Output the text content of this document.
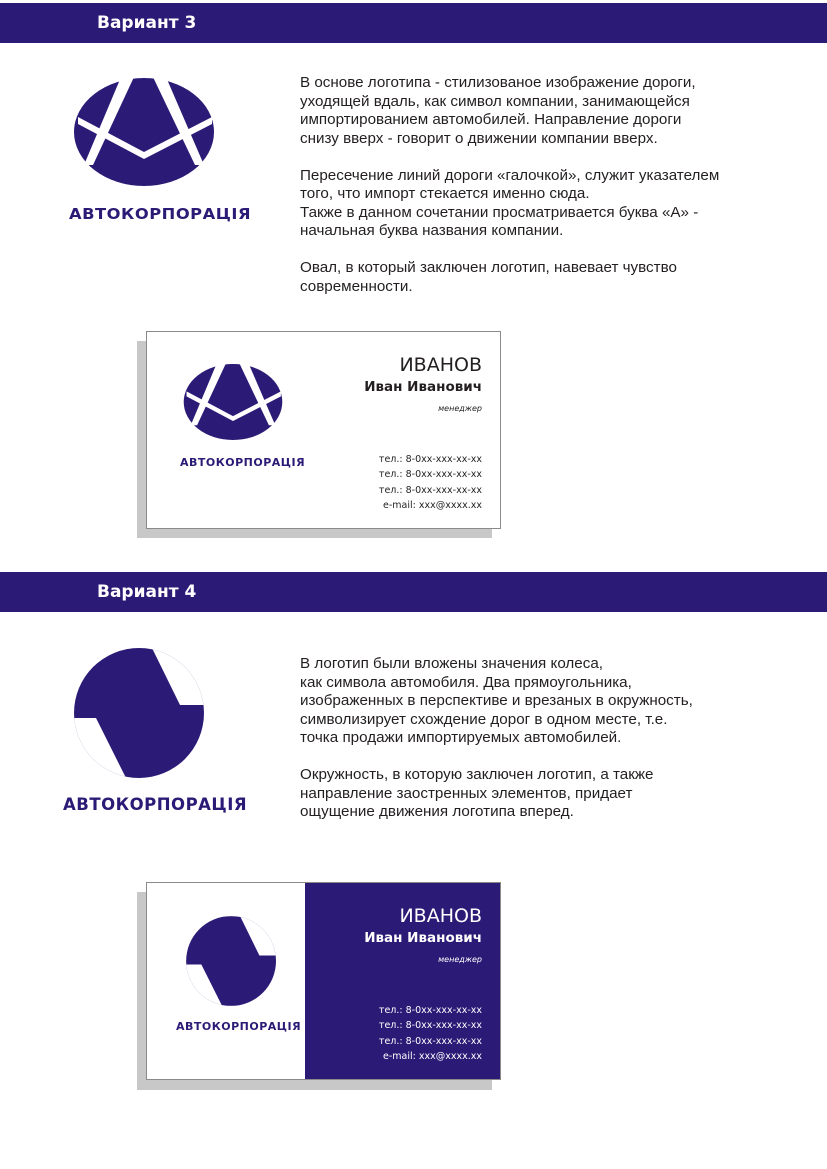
Вариант 3
АВТОКОРПОРАЦІЯ

В основе логотипа - стилизованое изображение дороги,
уходящей вдаль, как символ компании, занимающейся
импортированием автомобилей. Направление дороги
снизу вверх - говорит о движении компании вверх.

Пересечение линий дороги «галочкой», служит указателем
того, что импорт стекается именно сюда.
Также в данном сочетании просматривается буква «А» -
начальная буква названия компании.

Овал, в который заключен логотип, навевает чувство
современности.

АВТОКОРПОРАЦІЯ
ИВАНОВ
Иван Иванович
менеджер
тел.: 8-0хх-ххх-хх-хх
тел.: 8-0хх-ххх-хх-хх
тел.: 8-0хх-ххх-хх-хх
e-mail: ххх@хххх.хх
Вариант 4
АВТОКОРПОРАЦІЯ

В логотип были вложены значения колеса,
как символа автомобиля. Два прямоугольника,
изображенных в перспективе и врезаных в окружность,
символизирует схождение дорог в одном месте, т.е.
точка продажи импортируемых автомобилей.

Окружность, в которую заключен логотип, а также
направление заостренных элементов, придает
ощущение движения логотипа вперед.

АВТОКОРПОРАЦІЯ
ИВАНОВ
Иван Иванович
менеджер
тел.: 8-0хх-ххх-хх-хх
тел.: 8-0хх-ххх-хх-хх
тел.: 8-0хх-ххх-хх-хх
e-mail: ххх@хххх.хх
